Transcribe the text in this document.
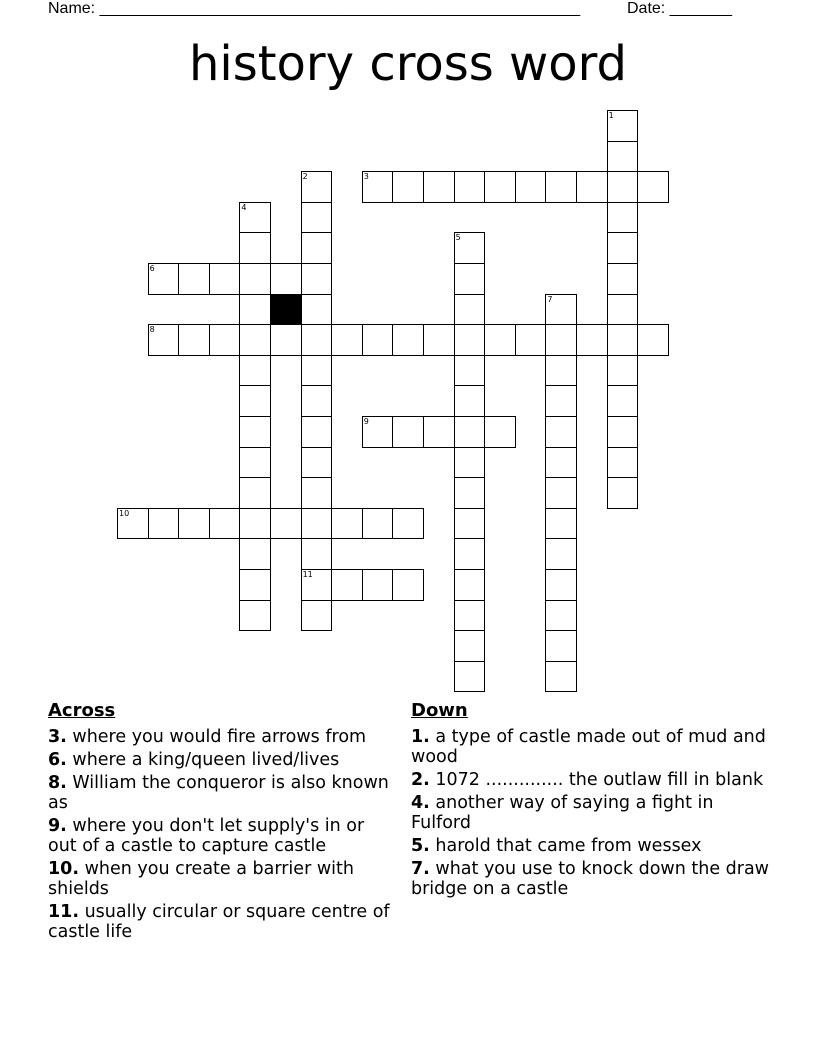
Name: ______________________________________________________	Date: _______
history cross word
1
2
11
3
4
5
6
7
8
9
10
Across
3. where you would fire arrows from
6. where a king/queen lived/lives
8. William the conqueror is also known as
9. where you don't let supply's in or out of a castle to capture castle
10. when you create a barrier with shields
11. usually circular or square centre of castle life
Down
1. a type of castle made out of mud and wood
2. 1072 .............. the outlaw fill in blank
4. another way of saying a fight in Fulford
5. harold that came from wessex
7. what you use to knock down the draw bridge on a castle
